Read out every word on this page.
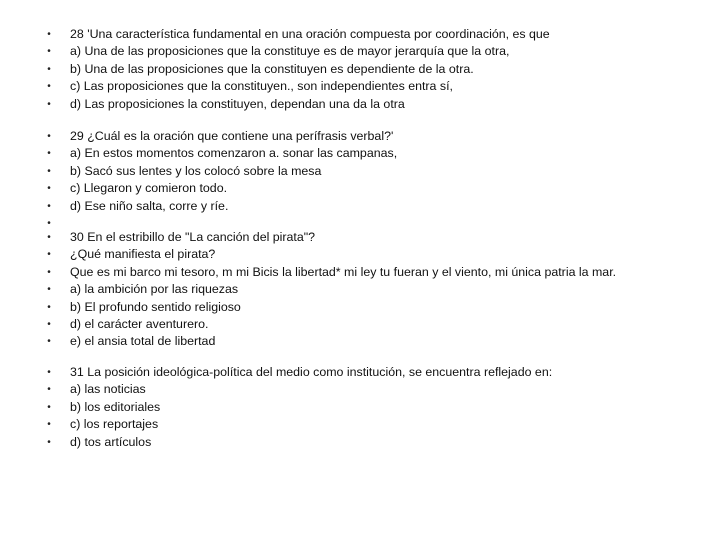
• 28 'Una característica fundamental en una oración compuesta por coordinación, es que
• a) Una de las proposiciones que la constituye es de mayor jerarquía que la otra,
• b) Una de las proposiciones que la constituyen es dependiente de la otra.
• c) Las proposiciones que la constituyen., son independientes entra sí,
• d) Las proposiciones la constituyen, dependan una da la otra
• 29 ¿Cuál es la oración que contiene una perífrasis verbal?'
• a) En estos momentos comenzaron a. sonar las campanas,
• b) Sacó sus lentes y los colocó sobre la mesa
• c) Llegaron y comieron todo.
• d) Ese niño salta, corre y ríe.
•
• 30 En el estribillo de "La canción del pirata"?
• ¿Qué manifiesta el pirata?
• Que es mi barco mi tesoro, m mi Bicis la libertad* mi ley tu fueran y el viento, mi única patria la mar.
• a) la ambición por las riquezas
• b) El profundo sentido religioso
• d) el carácter aventurero.
• e) el ansia total de libertad
• 31 La posición ideológica-política del medio como institución, se encuentra reflejado en:
• a) las noticias
• b) los editoriales
• c) los reportajes
• d) tos artículos
